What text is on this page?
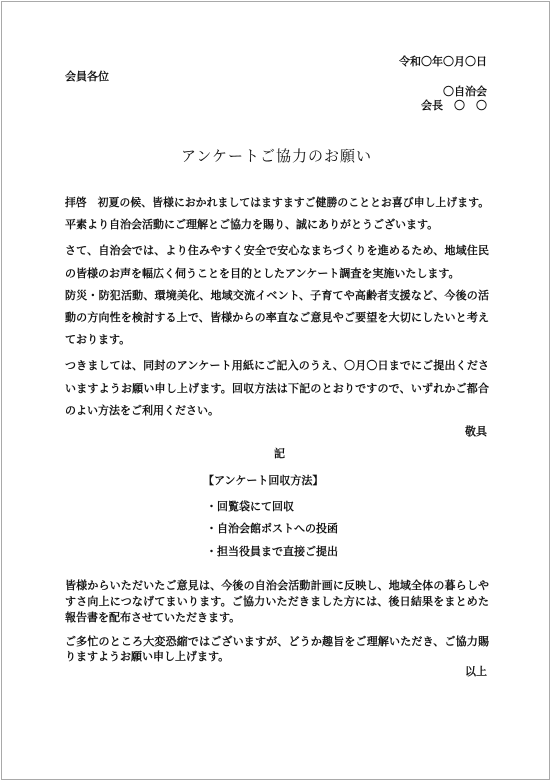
令和〇年〇月〇日
会員各位
〇自治会
会長　〇　〇
アンケートご協力のお願い
拝啓　初夏の候、皆様におかれましてはますますご健勝のこととお喜び申し上げます。
平素より自治会活動にご理解とご協力を賜り、誠にありがとうございます。
さて、自治会では、より住みやすく安全で安心なまちづくりを進めるため、地域住民
の皆様のお声を幅広く伺うことを目的としたアンケート調査を実施いたします。
防災・防犯活動、環境美化、地域交流イベント、子育てや高齢者支援など、今後の活
動の方向性を検討する上で、皆様からの率直なご意見やご要望を大切にしたいと考え
ております。
つきましては、同封のアンケート用紙にご記入のうえ、〇月〇日までにご提出くださ
いますようお願い申し上げます。回収方法は下記のとおりですので、いずれかご都合
のよい方法をご利用ください。
敬具
記
【アンケート回収方法】
・回覧袋にて回収
・自治会館ポストへの投函
・担当役員まで直接ご提出
皆様からいただいたご意見は、今後の自治会活動計画に反映し、地域全体の暮らしや
すさ向上につなげてまいります。ご協力いただきました方には、後日結果をまとめた
報告書を配布させていただきます。
ご多忙のところ大変恐縮ではございますが、どうか趣旨をご理解いただき、ご協力賜
りますようお願い申し上げます。
以上
